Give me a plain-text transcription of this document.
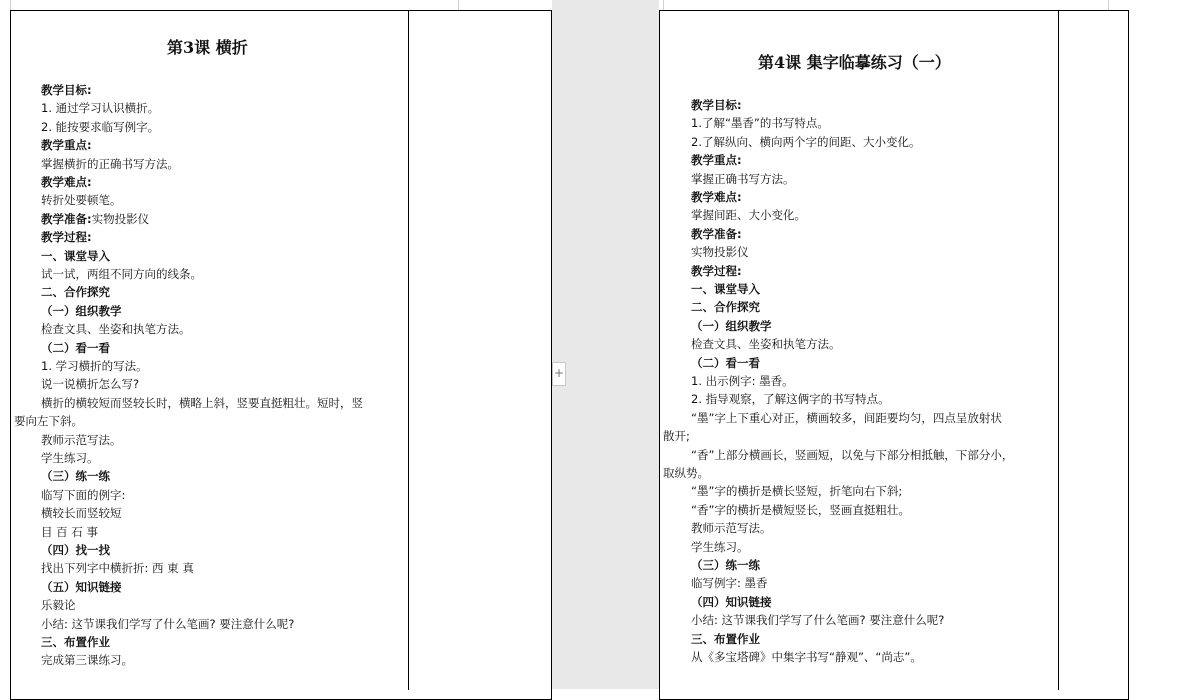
+
第3课 横折
第4课 集字临摹练习（一）
教学目标:
1. 通过学习认识横折。
2. 能按要求临写例字。
教学重点:
掌握横折的正确书写方法。
教学难点:
转折处要顿笔。
教学准备:实物投影仪
教学过程:
一、课堂导入
试一试，两组不同方向的线条。
二、合作探究
（一）组织教学
检查文具、坐姿和执笔方法。
（二）看一看
1. 学习横折的写法。
说一说横折怎么写?
横折的横较短而竖较长时，横略上斜，竖要直挺粗壮。短时，竖
要向左下斜。
教师示范写法。
学生练习。
（三）练一练
临写下面的例字:
横较长而竖较短
目 百 石 事
（四）找一找
找出下列字中横折折: 西 東 真
（五）知识链接
乐毅论
小结: 这节课我们学写了什么笔画? 要注意什么呢?
三、布置作业
完成第三课练习。
教学目标:
1.了解“墨香”的书写特点。
2.了解纵向、横向两个字的间距、大小变化。
教学重点:
掌握正确书写方法。
教学难点:
掌握间距、大小变化。
教学准备:
实物投影仪
教学过程:
一、课堂导入
二、合作探究
（一）组织教学
检查文具、坐姿和执笔方法。
（二）看一看
1. 出示例字: 墨香。
2. 指导观察，了解这俩字的书写特点。
“墨”字上下重心对正，横画较多，间距要均匀，四点呈放射状
散开;
“香”上部分横画长，竖画短，以免与下部分相抵触，下部分小，
取纵势。
“墨”字的横折是横长竖短，折笔向右下斜;
“香”字的横折是横短竖长，竖画直挺粗壮。
教师示范写法。
学生练习。
（三）练一练
临写例字: 墨香
（四）知识链接
小结: 这节课我们学写了什么笔画? 要注意什么呢?
三、布置作业
从《多宝塔碑》中集字书写“静观”、“尚志”。
